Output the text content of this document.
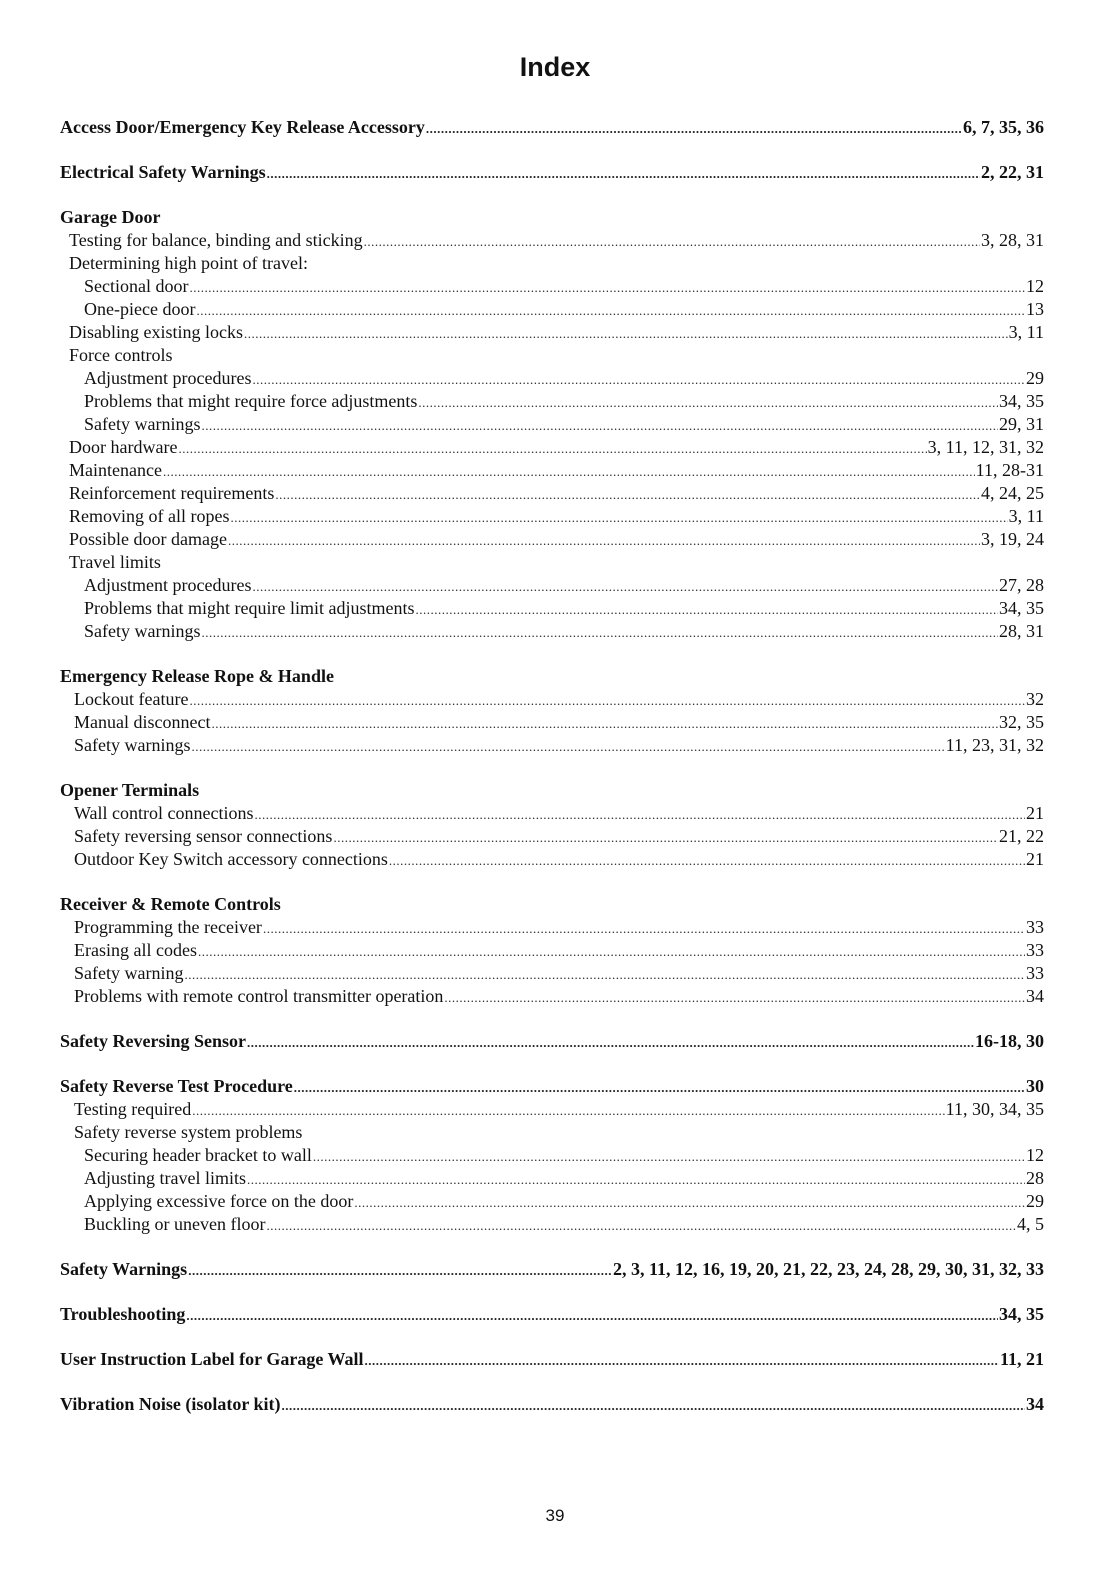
Index
Access Door/Emergency Key Release Accessory .....	6, 7, 35, 36
Electrical Safety Warnings .....	2, 22, 31
Garage Door
Testing for balance, binding and sticking .....	3, 28, 31
Determining high point of travel:
Sectional door .....	12
One-piece door .....	13
Disabling existing locks .....	3, 11
Force controls
Adjustment procedures .....	29
Problems that might require force adjustments .....	34, 35
Safety warnings .....	29, 31
Door hardware .....	3, 11, 12, 31, 32
Maintenance .....	11, 28-31
Reinforcement requirements .....	4, 24, 25
Removing of all ropes .....	3, 11
Possible door damage .....	3, 19, 24
Travel limits
Adjustment procedures .....	27, 28
Problems that might require limit adjustments .....	34, 35
Safety warnings .....	28, 31
Emergency Release Rope & Handle
Lockout feature .....	32
Manual disconnect .....	32, 35
Safety warnings .....	11, 23, 31, 32
Opener Terminals
Wall control connections .....	21
Safety reversing sensor connections .....	21, 22
Outdoor Key Switch accessory connections .....	21
Receiver & Remote Controls
Programming the receiver .....	33
Erasing all codes .....	33
Safety warning .....	33
Problems with remote control transmitter operation .....	34
Safety Reversing Sensor .....	16-18, 30
Safety Reverse Test Procedure .....	30
Testing required .....	11, 30, 34, 35
Safety reverse system problems
Securing header bracket to wall .....	12
Adjusting travel limits .....	28
Applying excessive force on the door .....	29
Buckling or uneven floor .....	4, 5
Safety Warnings .....	2, 3, 11, 12, 16, 19, 20, 21, 22, 23, 24, 28, 29, 30, 31, 32, 33
Troubleshooting .....	34, 35
User Instruction Label for Garage Wall .....	11, 21
Vibration Noise (isolator kit) .....	34
39
